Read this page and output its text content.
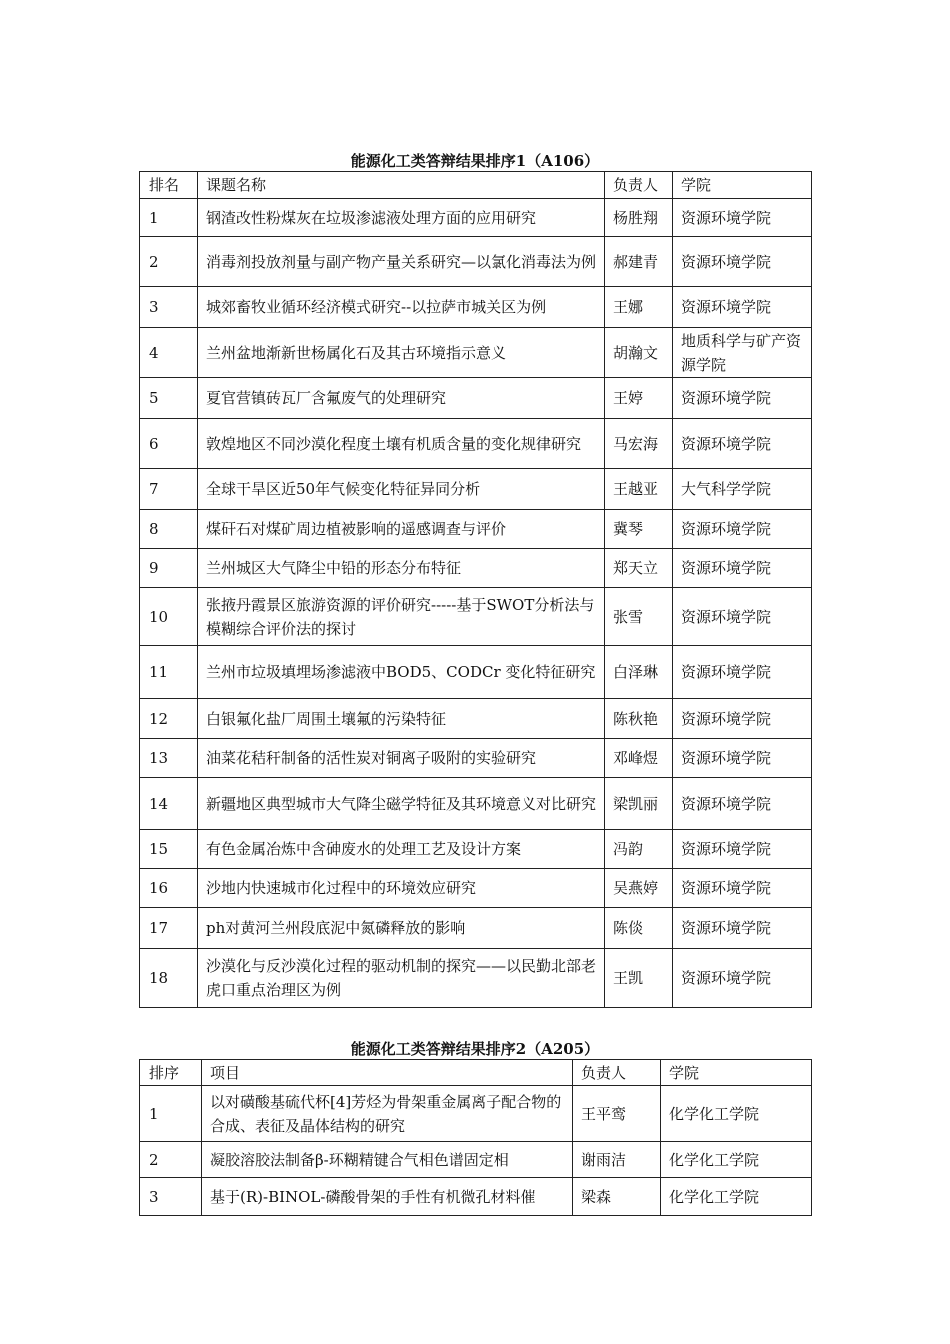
能源化工类答辩结果排序1（A106）
排名	课题名称	负责人	学院
1	钢渣改性粉煤灰在垃圾渗滤液处理方面的应用研究	杨胜翔	资源环境学院
2	消毒剂投放剂量与副产物产量关系研究—以氯化消毒法为例	郝建青	资源环境学院
3	城郊畜牧业循环经济模式研究--以拉萨市城关区为例	王娜	资源环境学院
4	兰州盆地渐新世杨属化石及其古环境指示意义	胡瀚文	地质科学与矿产资源学院
5	夏官营镇砖瓦厂含氟废气的处理研究	王婷	资源环境学院
6	敦煌地区不同沙漠化程度土壤有机质含量的变化规律研究	马宏海	资源环境学院
7	全球干旱区近50年气候变化特征异同分析	王越亚	大气科学学院
8	煤矸石对煤矿周边植被影响的遥感调查与评价	冀琴	资源环境学院
9	兰州城区大气降尘中铅的形态分布特征	郑天立	资源环境学院
10	张掖丹霞景区旅游资源的评价研究-----基于SWOT分析法与模糊综合评价法的探讨	张雪	资源环境学院
11	兰州市垃圾填埋场渗滤液中BOD5、CODCr 变化特征研究	白泽琳	资源环境学院
12	白银氟化盐厂周围土壤氟的污染特征	陈秋艳	资源环境学院
13	油菜花秸秆制备的活性炭对铜离子吸附的实验研究	邓峰煜	资源环境学院
14	新疆地区典型城市大气降尘磁学特征及其环境意义对比研究	梁凯丽	资源环境学院
15	有色金属冶炼中含砷废水的处理工艺及设计方案	冯韵	资源环境学院
16	沙地内快速城市化过程中的环境效应研究	吴燕婷	资源环境学院
17	ph对黄河兰州段底泥中氮磷释放的影响	陈倓	资源环境学院
18	沙漠化与反沙漠化过程的驱动机制的探究——以民勤北部老虎口重点治理区为例	王凯	资源环境学院
能源化工类答辩结果排序2（A205）
排序	项目	负责人	学院
1	以对磺酸基硫代杯[4]芳烃为骨架重金属离子配合物的合成、表征及晶体结构的研究	王平鸾	化学化工学院
2	凝胶溶胶法制备β-环糊精键合气相色谱固定相	谢雨洁	化学化工学院
3	基于(R)-BINOL-磷酸骨架的手性有机微孔材料催	梁森	化学化工学院
